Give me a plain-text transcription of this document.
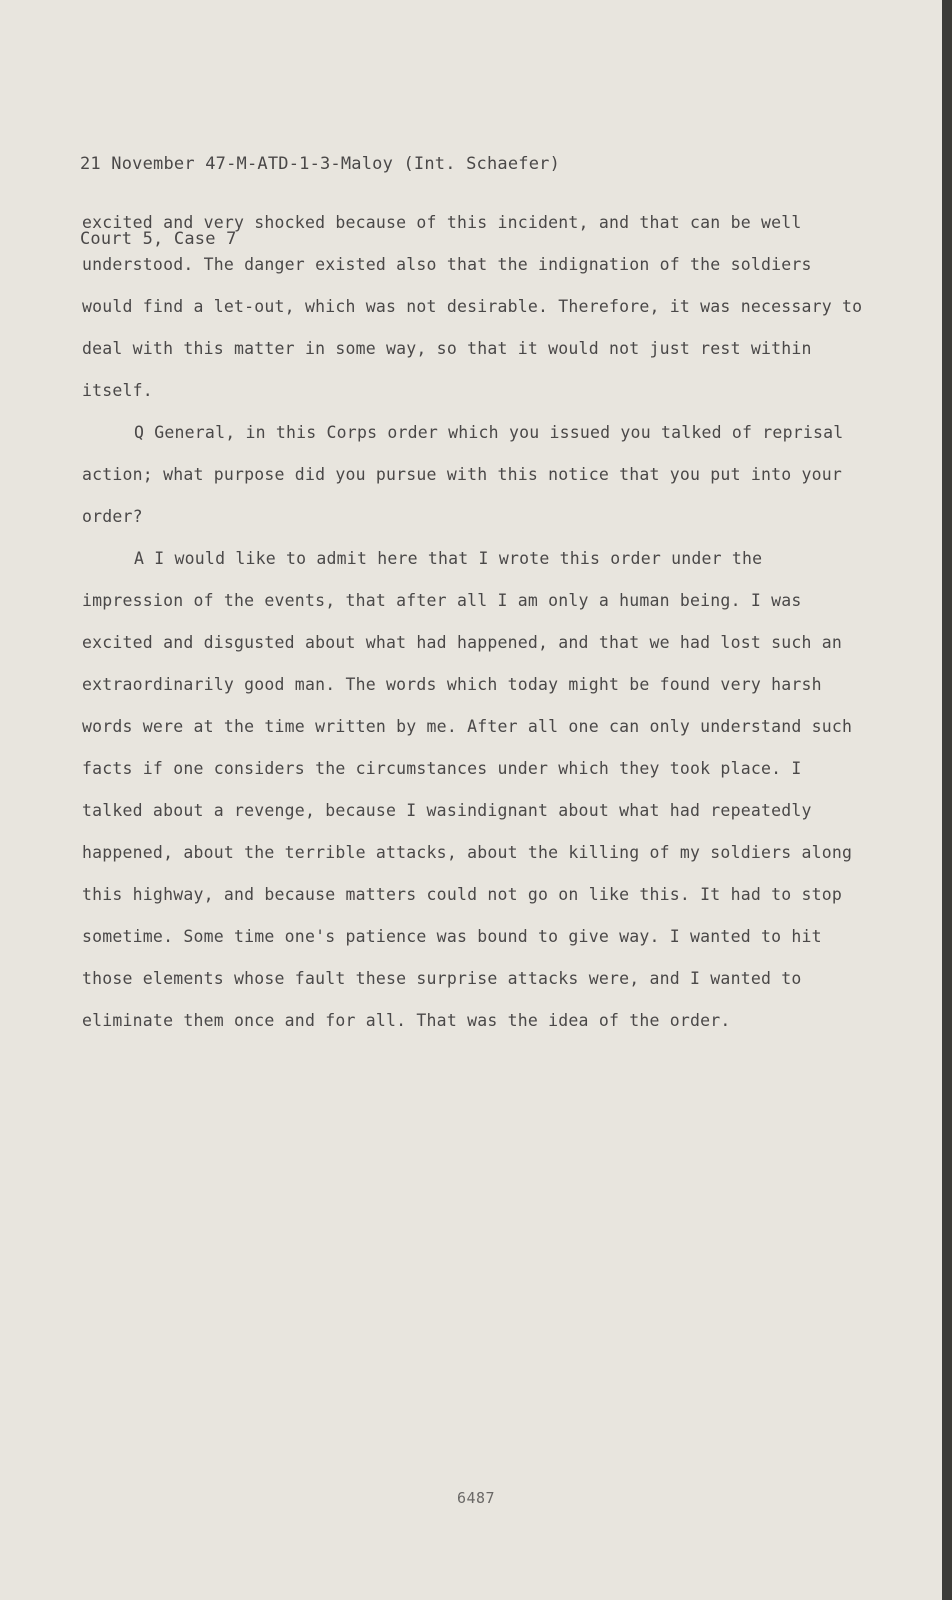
21 November 47-M-ATD-1-3-Maloy (Int. Schaefer)

Court 5, Case 7

excited and very shocked because of this incident, and that can be well understood. The danger existed also that the indignation of the soldiers would find a let-out, which was not desirable. Therefore, it was necessary to deal with this matter in some way, so that it would not just rest within itself.

Q General, in this Corps order which you issued you talked of reprisal action; what purpose did you pursue with this notice that you put into your order?

A I would like to admit here that I wrote this order under the impression of the events, that after all I am only a human being. I was excited and disgusted about what had happened, and that we had lost such an extraordinarily good man. The words which today might be found very harsh words were at the time written by me. After all one can only understand such facts if one considers the circumstances under which they took place. I talked about a revenge, because I wasindignant about what had repeatedly happened, about the terrible attacks, about the killing of my soldiers along this highway, and because matters could not go on like this. It had to stop sometime. Some time one's patience was bound to give way. I wanted to hit those elements whose fault these surprise attacks were, and I wanted to eliminate them once and for all. That was the idea of the order.

6487
